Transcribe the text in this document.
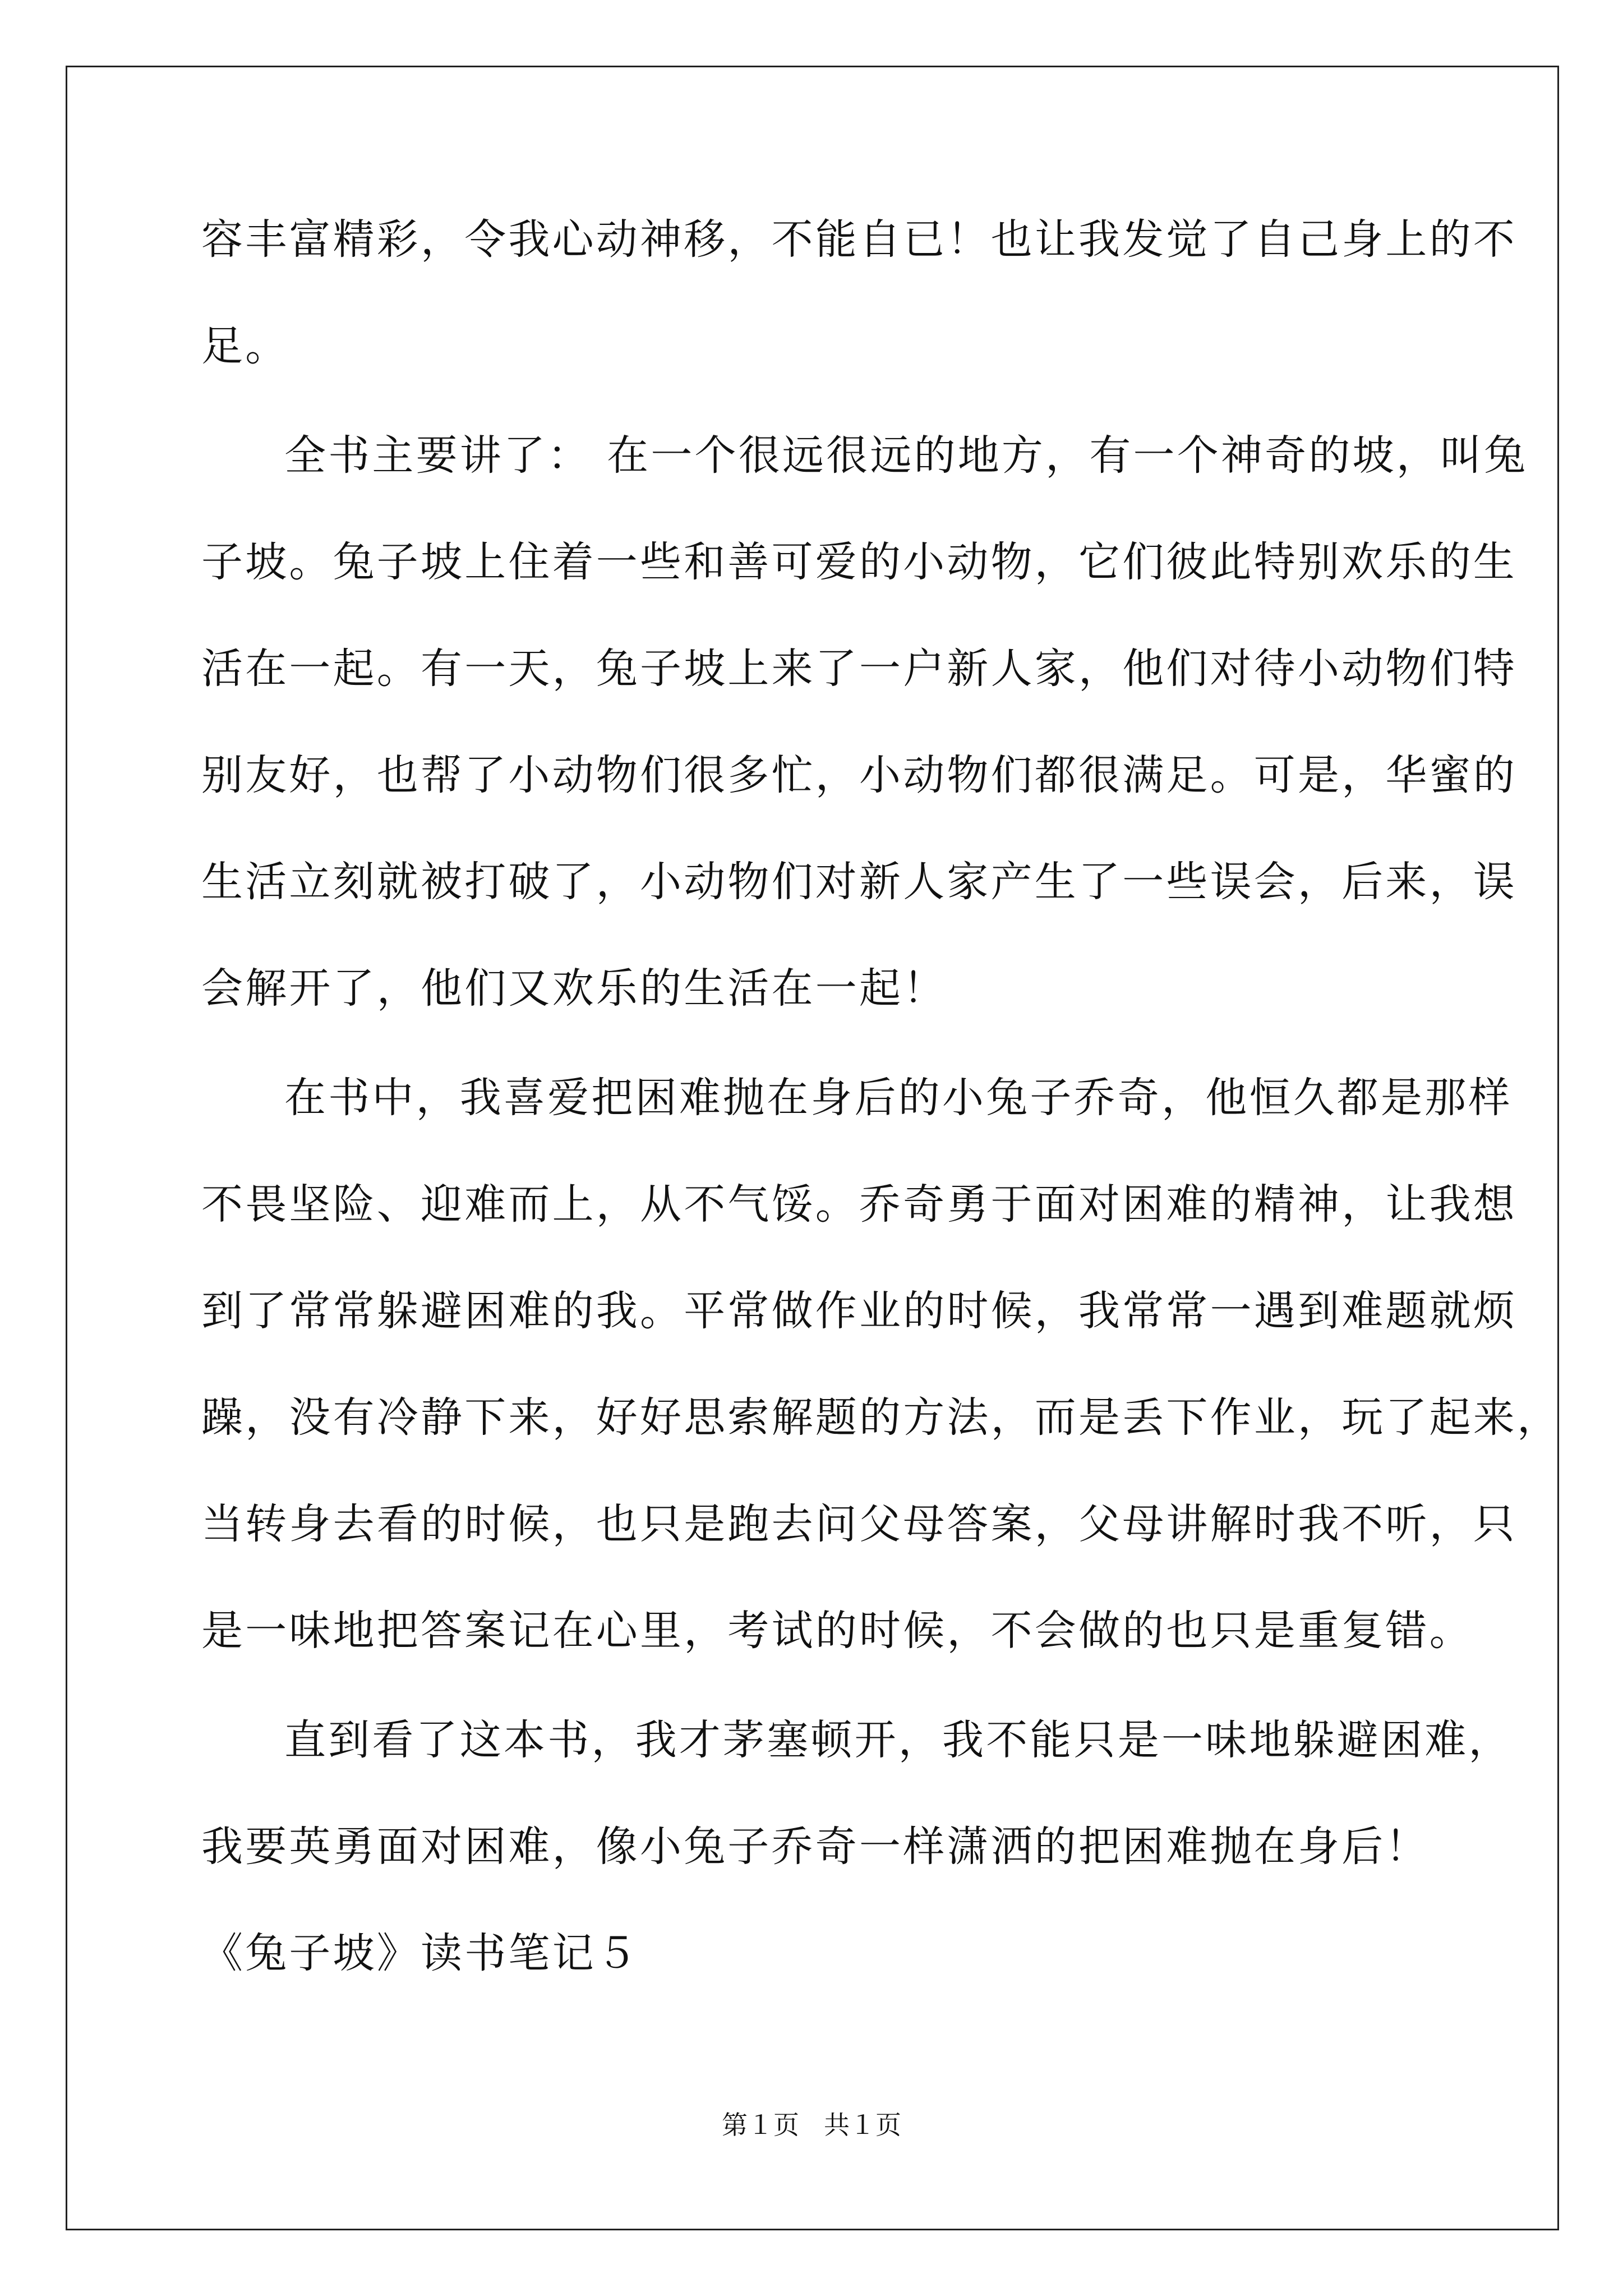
容丰富精彩，令我心动神移，不能自已！也让我发觉了自己身上的不
足。
全书主要讲了： 在一个很远很远的地方，有一个神奇的坡，叫兔
子坡。兔子坡上住着一些和善可爱的小动物，它们彼此特别欢乐的生
活在一起。有一天，兔子坡上来了一户新人家，他们对待小动物们特
别友好，也帮了小动物们很多忙，小动物们都很满足。可是，华蜜的
生活立刻就被打破了，小动物们对新人家产生了一些误会，后来，误
会解开了，他们又欢乐的生活在一起！
在书中，我喜爱把困难抛在身后的小兔子乔奇，他恒久都是那样
不畏坚险、迎难而上，从不气馁。乔奇勇于面对困难的精神，让我想
到了常常躲避困难的我。平常做作业的时候，我常常一遇到难题就烦
躁，没有冷静下来，好好思索解题的方法，而是丢下作业，玩了起来，
当转身去看的时候，也只是跑去问父母答案，父母讲解时我不听，只
是一味地把答案记在心里，考试的时候，不会做的也只是重复错。
直到看了这本书，我才茅塞顿开，我不能只是一味地躲避困难，
我要英勇面对困难，像小兔子乔奇一样潇洒的把困难抛在身后！
《兔子坡》读书笔记５
第１页 共１页
